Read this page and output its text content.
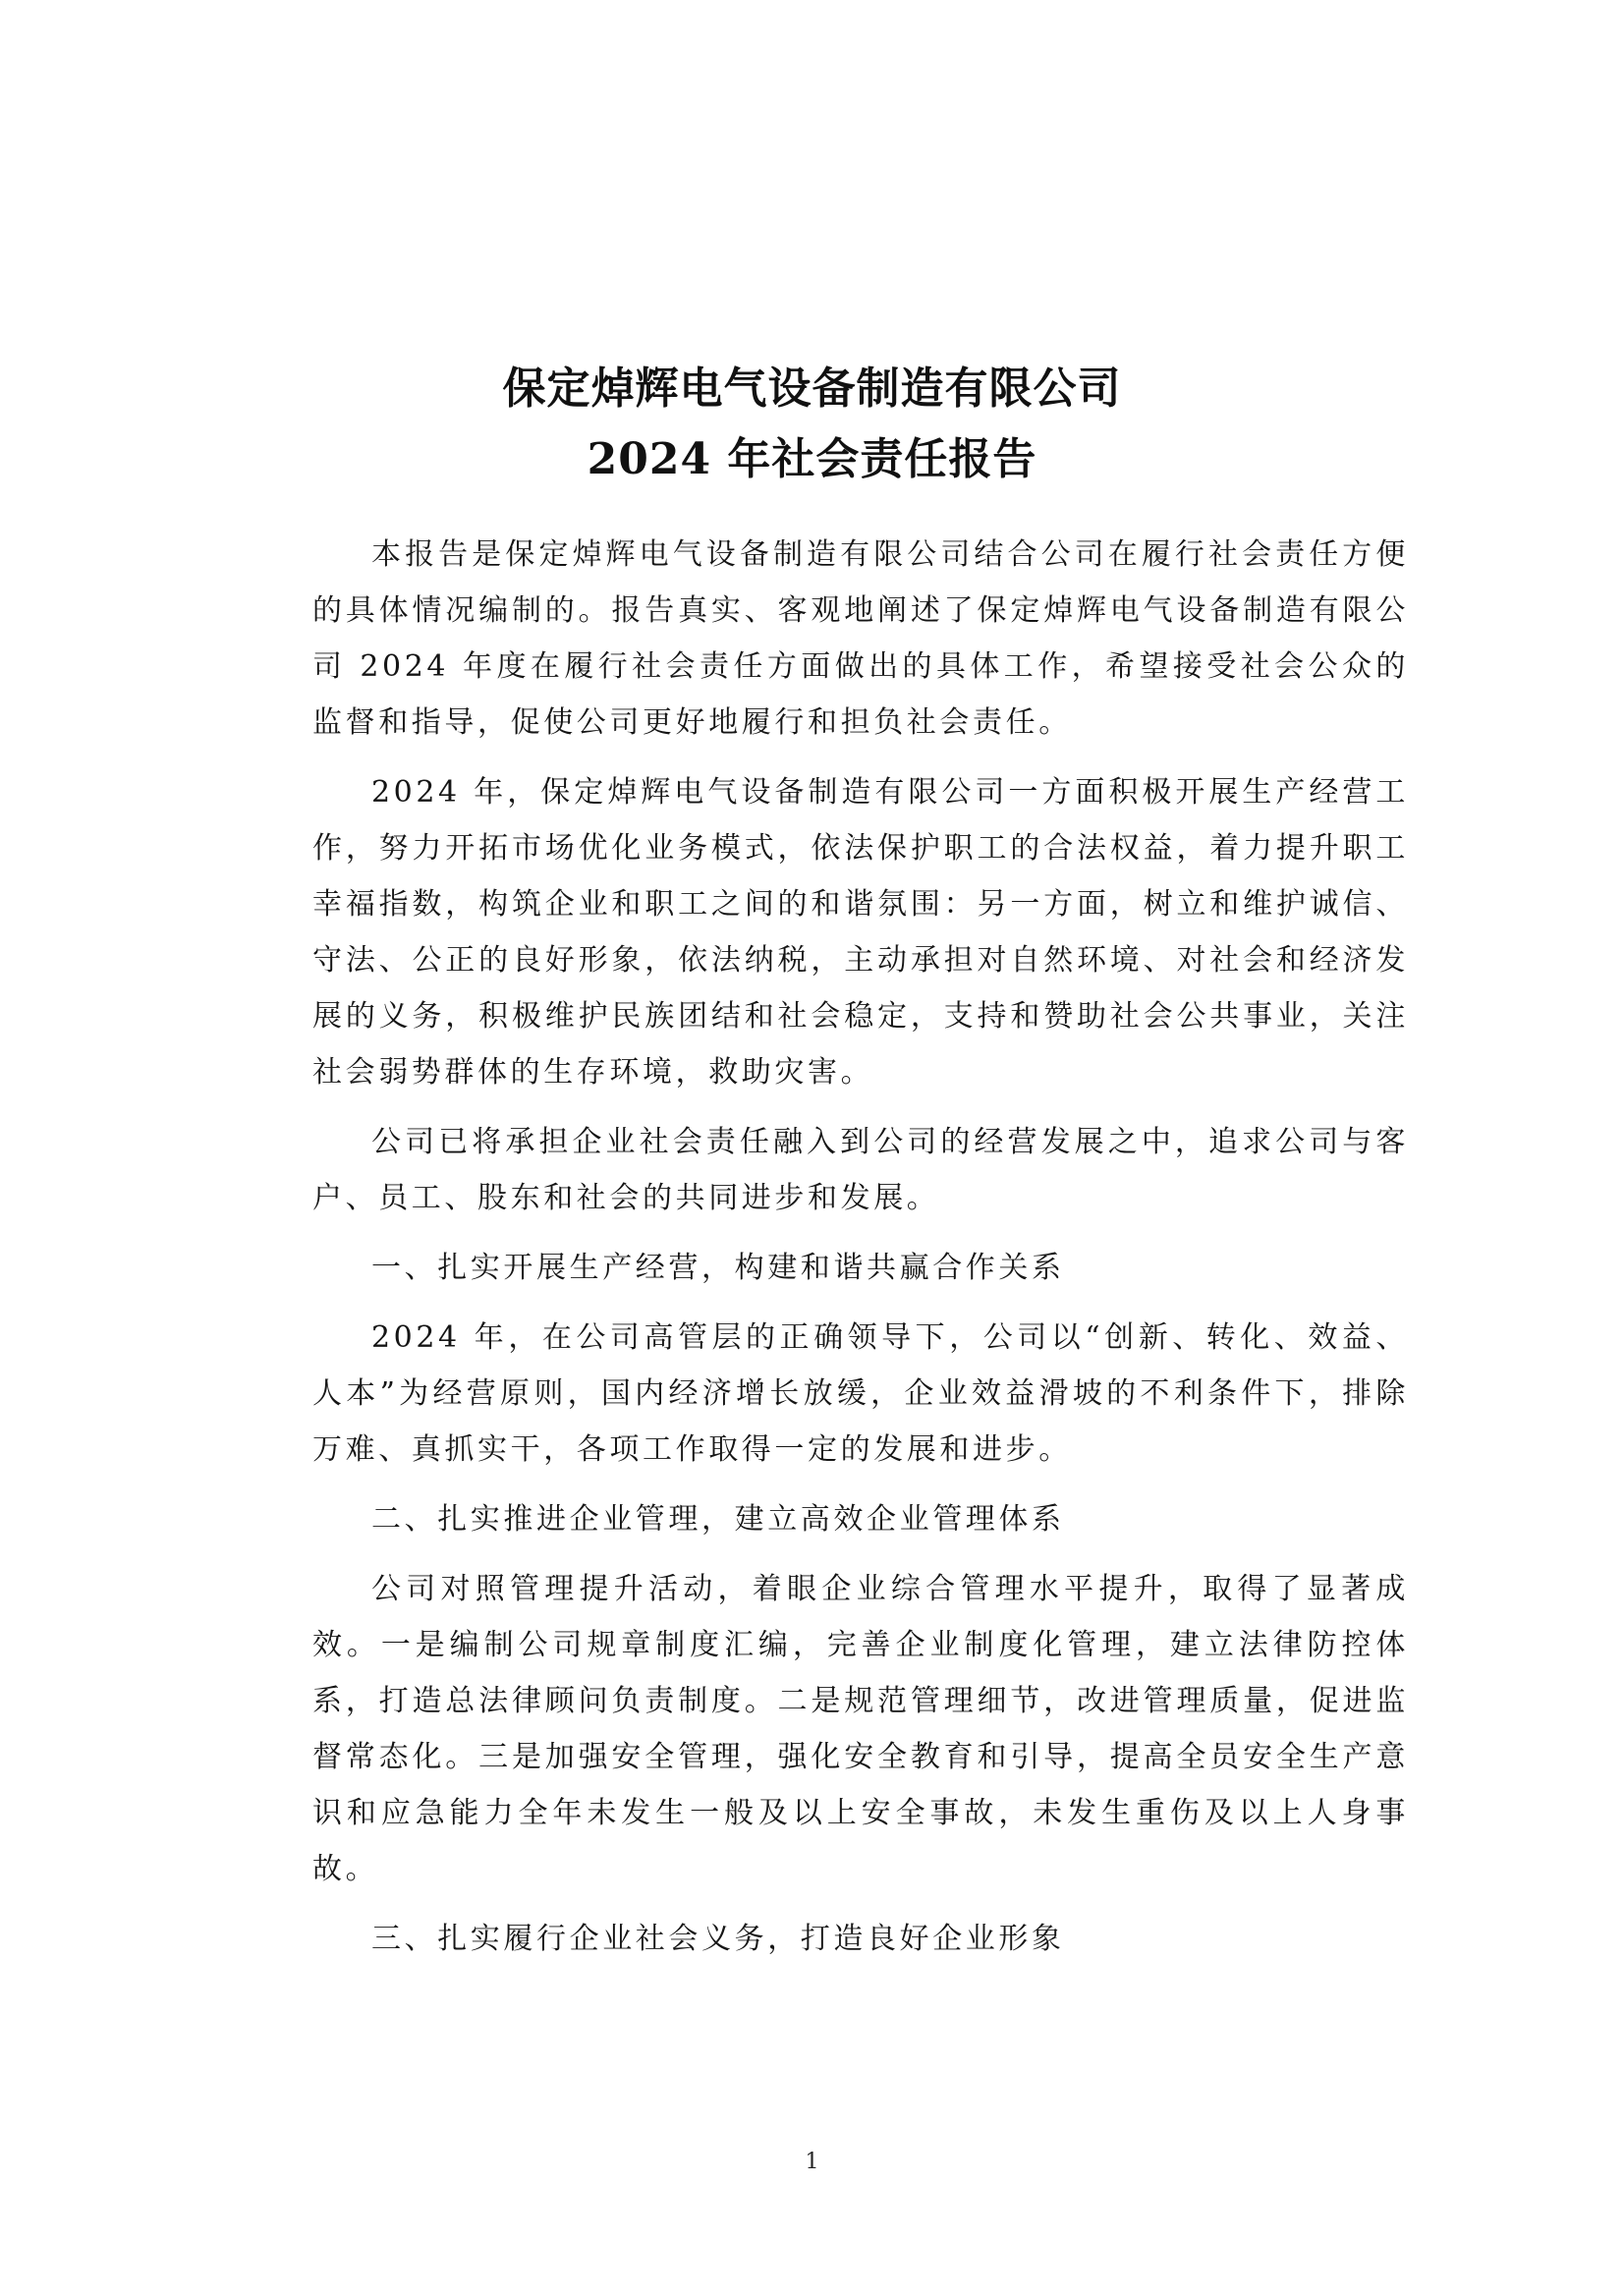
保定焯辉电气设备制造有限公司
2024 年社会责任报告

本报告是保定焯辉电气设备制造有限公司结合公司在履行社会责任方便的具体情况编制的。报告真实、客观地阐述了保定焯辉电气设备制造有限公司 2024 年度在履行社会责任方面做出的具体工作，希望接受社会公众的监督和指导，促使公司更好地履行和担负社会责任。

2024 年，保定焯辉电气设备制造有限公司一方面积极开展生产经营工作，努力开拓市场优化业务模式，依法保护职工的合法权益，着力提升职工幸福指数，构筑企业和职工之间的和谐氛围：另一方面，树立和维护诚信、守法、公正的良好形象，依法纳税，主动承担对自然环境、对社会和经济发展的义务，积极维护民族团结和社会稳定，支持和赞助社会公共事业，关注社会弱势群体的生存环境，救助灾害。

公司已将承担企业社会责任融入到公司的经营发展之中，追求公司与客户、员工、股东和社会的共同进步和发展。

一、扎实开展生产经营，构建和谐共赢合作关系

2024 年，在公司高管层的正确领导下，公司以“创新、转化、效益、人本”为经营原则，国内经济增长放缓，企业效益滑坡的不利条件下，排除万难、真抓实干，各项工作取得一定的发展和进步。

二、扎实推进企业管理，建立高效企业管理体系

公司对照管理提升活动，着眼企业综合管理水平提升，取得了显著成效。一是编制公司规章制度汇编，完善企业制度化管理，建立法律防控体系，打造总法律顾问负责制度。二是规范管理细节，改进管理质量，促进监督常态化。三是加强安全管理，强化安全教育和引导，提高全员安全生产意识和应急能力全年未发生一般及以上安全事故，未发生重伤及以上人身事故。

三、扎实履行企业社会义务，打造良好企业形象

1
